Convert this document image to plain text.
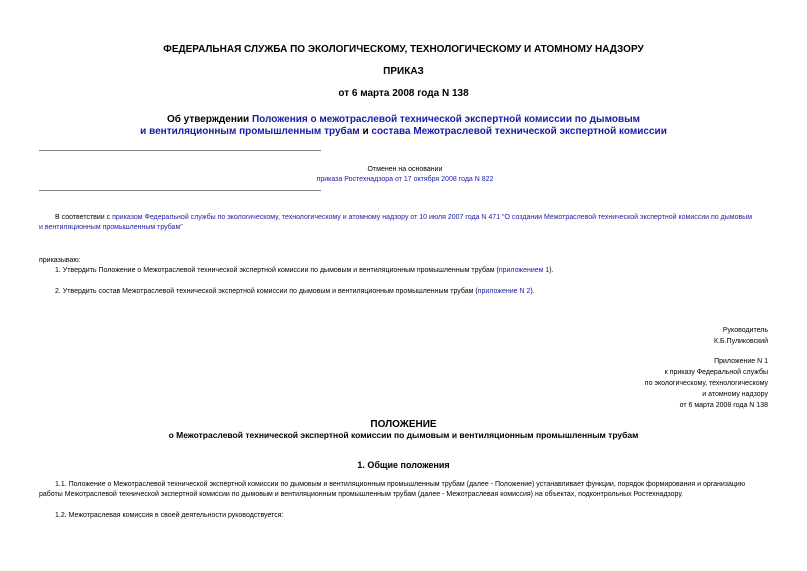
ФЕДЕРАЛЬНАЯ СЛУЖБА ПО ЭКОЛОГИЧЕСКОМУ, ТЕХНОЛОГИЧЕСКОМУ И АТОМНОМУ НАДЗОРУ
ПРИКАЗ
от 6 марта 2008 года N 138
Об утверждении Положения о межотраслевой технической экспертной комиссии по дымовым
и вентиляционным промышленным трубам и состава Межотраслевой технической экспертной комиссии
Отменен на основании
приказа Ростехнадзора от 17 октября 2008 года N 822
В соответствии с приказом Федеральной службы по экологическому, технологическому и атомному надзору от 10 июля 2007 года N 471 "О создании Межотраслевой технической экспертной комиссии по дымовым
и вентиляционным промышленным трубам"
приказываю:
1. Утвердить Положение о Межотраслевой технической экспертной комиссии по дымовым и вентиляционным промышленным трубам (приложением 1).
2. Утвердить состав Межотраслевой технической экспертной комиссии по дымовым и вентиляционным промышленным трубам (приложение N 2).
Руководитель
К.Б.Пуликовский
Приложение N 1
к приказу Федеральной службы
по экологическому, технологическому
и атомному надзору
от 6 марта 2008 года N 138
ПОЛОЖЕНИЕ
о Межотраслевой технической экспертной комиссии по дымовым и вентиляционным промышленным трубам
1. Общие положения
1.1. Положение о Межотраслевой технической экспертной комиссии по дымовым и вентиляционным промышленным трубам (далее - Положение) устанавливает функции, порядок формирования и организацию
работы Межотраслевой технической экспертной комиссии по дымовым и вентиляционным промышленным трубам (далее - Межотраслевая комиссия) на объектах, подконтрольных Ростехнадзору.
1.2. Межотраслевая комиссия в своей деятельности руководствуется:
